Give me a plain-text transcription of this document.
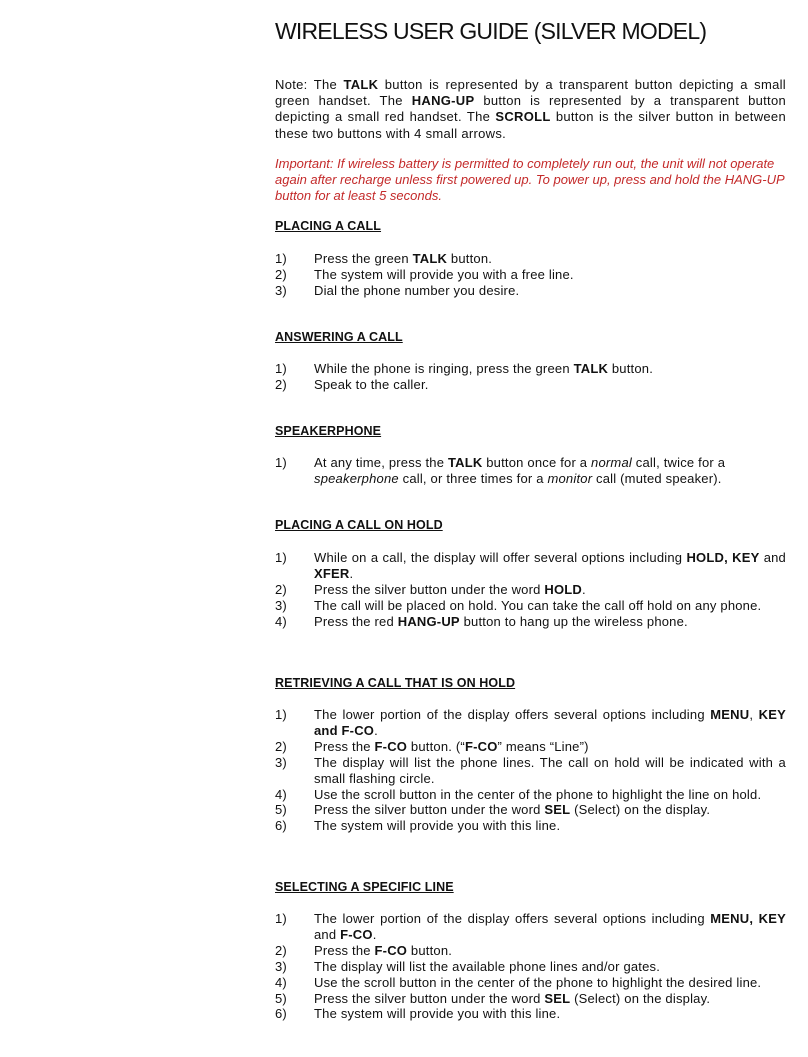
WIRELESS USER GUIDE (SILVER MODEL)

Note: The TALK button is represented by a transparent button depicting a small green handset. The HANG-UP button is represented by a transparent button depicting a small red handset. The SCROLL button is the silver button in between these two buttons with 4 small arrows.

Important: If wireless battery is permitted to completely run out, the unit will not operate again after recharge unless first powered up. To power up, press and hold the HANG-UP button for at least 5 seconds.

PLACING A CALL
1) Press the green TALK button.
2) The system will provide you with a free line.
3) Dial the phone number you desire.
ANSWERING A CALL
1) While the phone is ringing, press the green TALK button.
2) Speak to the caller.
SPEAKERPHONE
1) At any time, press the TALK button once for a normal call, twice for a speakerphone call, or three times for a monitor call (muted speaker).
PLACING A CALL ON HOLD
1) While on a call, the display will offer several options including HOLD, KEY and XFER.
2) Press the silver button under the word HOLD.
3) The call will be placed on hold. You can take the call off hold on any phone.
4) Press the red HANG-UP button to hang up the wireless phone.
RETRIEVING A CALL THAT IS ON HOLD
1) The lower portion of the display offers several options including MENU, KEY and F-CO.
2) Press the F-CO button. (“F-CO” means “Line”)
3) The display will list the phone lines. The call on hold will be indicated with a small flashing circle.
4) Use the scroll button in the center of the phone to highlight the line on hold.
5) Press the silver button under the word SEL (Select) on the display.
6) The system will provide you with this line.
SELECTING A SPECIFIC LINE
1) The lower portion of the display offers several options including MENU, KEY and F-CO.
2) Press the F-CO button.
3) The display will list the available phone lines and/or gates.
4) Use the scroll button in the center of the phone to highlight the desired line.
5) Press the silver button under the word SEL (Select) on the display.
6) The system will provide you with this line.
